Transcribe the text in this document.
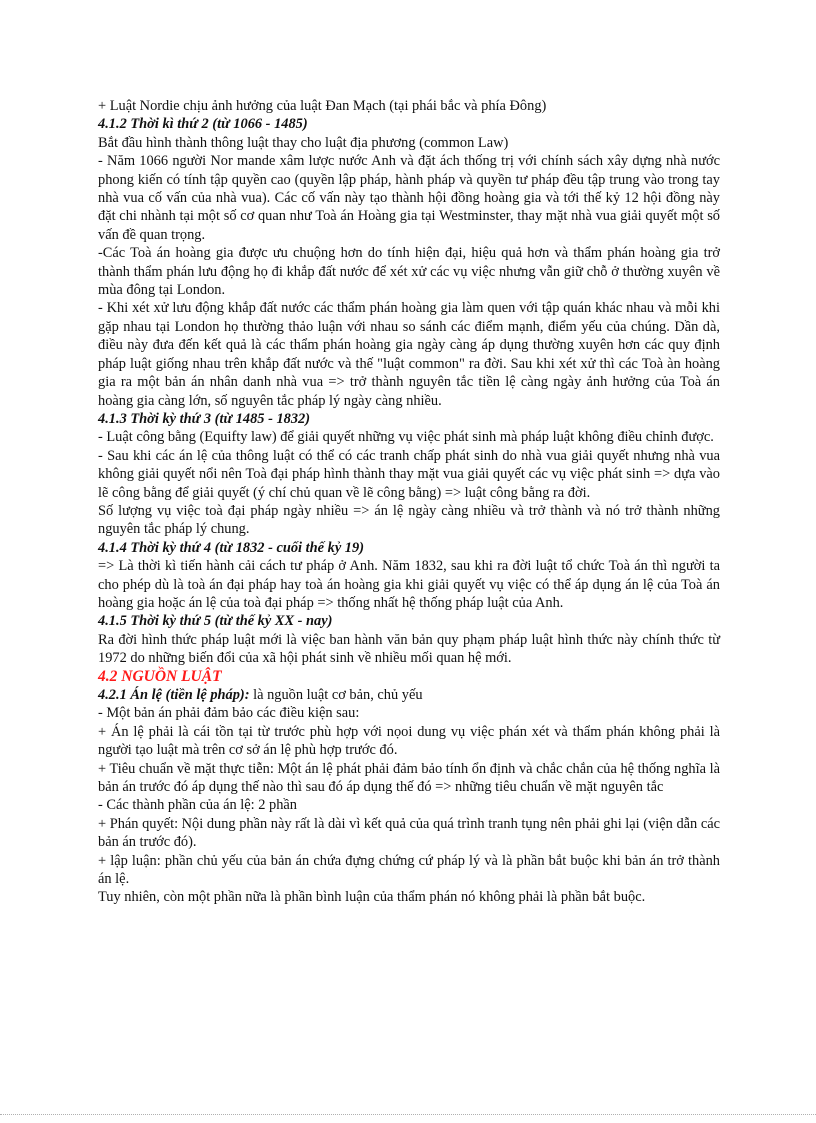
+ Luật Nordie chịu ảnh hưởng của luật Đan Mạch (tại phái bắc và phía Đông)

4.1.2 Thời kì thứ 2 (từ 1066 - 1485)

Bắt đầu hình thành thông luật thay cho luật địa phương (common Law)

- Năm 1066 người Nor mande xâm lược nước Anh và đặt ách thống trị với chính sách xây dựng nhà nước phong kiến có tính tập quyền cao (quyền lập pháp, hành pháp và quyền tư pháp đều tập trung vào trong tay nhà vua cố vấn của nhà vua). Các cố vấn này tạo thành hội đồng hoàng gia và tới thế kỷ 12 hội đồng này đặt chi nhành tại một số cơ quan như Toà án Hoàng gia tại Westminster, thay mặt nhà vua giải quyết một số vấn đề quan trọng.

-Các Toà án hoàng gia được ưu chuộng hơn do tính hiện đại, hiệu quả hơn và thẩm phán hoàng gia trở thành thẩm phán lưu động họ đi khắp đất nước để xét xử các vụ việc nhưng vẫn giữ chỗ ở thường xuyên về mùa đông tại London.

- Khi xét xử lưu động khắp đất nước các thẩm phán hoàng gia làm quen với tập quán khác nhau và mỗi khi gặp nhau tại London họ thường thảo luận với nhau so sánh các điểm mạnh, điểm yếu của chúng. Dần dà, điều này đưa đến kết quả là các thẩm phán hoàng gia ngày càng áp dụng thường xuyên hơn các quy định pháp luật giống nhau trên khắp đất nước và thế "luật common" ra đời. Sau khi xét xử thì các Toà àn hoàng gia ra một bản án nhân danh nhà vua => trở thành nguyên tắc tiền lệ càng ngày ảnh hưởng của Toà án hoàng gia càng lớn, số nguyên tắc pháp lý ngày càng nhiều.

4.1.3 Thời kỳ thứ 3 (từ 1485 - 1832)

- Luật công bằng (Equifty law) để giải quyết những vụ việc phát sinh mà pháp luật không điều chỉnh được.

- Sau khi các án lệ của thông luật có thể có các tranh chấp phát sinh do nhà vua giải quyết nhưng nhà vua không giải quyết nổi nên Toà đại pháp hình thành thay mặt vua giải quyết các vụ việc phát sinh => dựa vào lẽ công bằng để giải quyết (ý chí chủ quan về lẽ công bằng) => luật công bằng ra đời.

Số lượng vụ việc toà đại pháp ngày nhiều => án lệ ngày càng nhiều và trở thành và nó trở thành những nguyên tắc pháp lý chung.

4.1.4 Thời kỳ thứ 4 (từ 1832 - cuối thế kỷ 19)

=> Là thời kì tiến hành cải cách tư pháp ở Anh. Năm 1832, sau khi ra đời luật tổ chức Toà án thì người ta cho phép dù là toà án đại pháp hay toà án hoàng gia khi giải quyết vụ việc có thể áp dụng án lệ của Toà án hoàng gia hoặc án lệ của toà đại pháp => thống nhất hệ thống pháp luật của Anh.

4.1.5 Thời kỳ thứ 5 (từ thế kỷ XX - nay)

Ra đời hình thức pháp luật mới là việc ban hành văn bản quy phạm pháp luật hình thức này chính thức từ 1972 do những biến đổi của xã hội phát sinh về nhiều mối quan hệ mới.

4.2 NGUỒN LUẬT

4.2.1 Án lệ (tiền lệ pháp): là nguồn luật cơ bản, chủ yếu

- Một bản án phải đảm bảo các điều kiện sau:

+ Án lệ phải là cái tồn tại từ trước phù hợp với nọoi dung vụ việc phán xét và thẩm phán không phải là người tạo luật mà trên cơ sở án lệ phù hợp trước đó.

+ Tiêu chuẩn về mặt thực tiễn: Một án lệ phát phải đảm bảo tính ổn định và chắc chắn của hệ thống nghĩa là bản án trước đó áp dụng thế nào thì sau đó áp dụng thế đó => những tiêu chuẩn về mặt nguyên tắc

- Các thành phần của án lệ: 2 phần

+ Phán quyết: Nội dung phần này rất là dài vì kết quả của quá trình tranh tụng nên phải ghi lại (viện dẫn các bản án trước đó).

+ lập luận: phần chủ yếu của bản án chứa đựng chứng cứ pháp lý và là phần bắt buộc khi bản án trở thành án lệ.

Tuy nhiên, còn một phần nữa là phần bình luận của thẩm phán nó không phải là phần bắt buộc.
